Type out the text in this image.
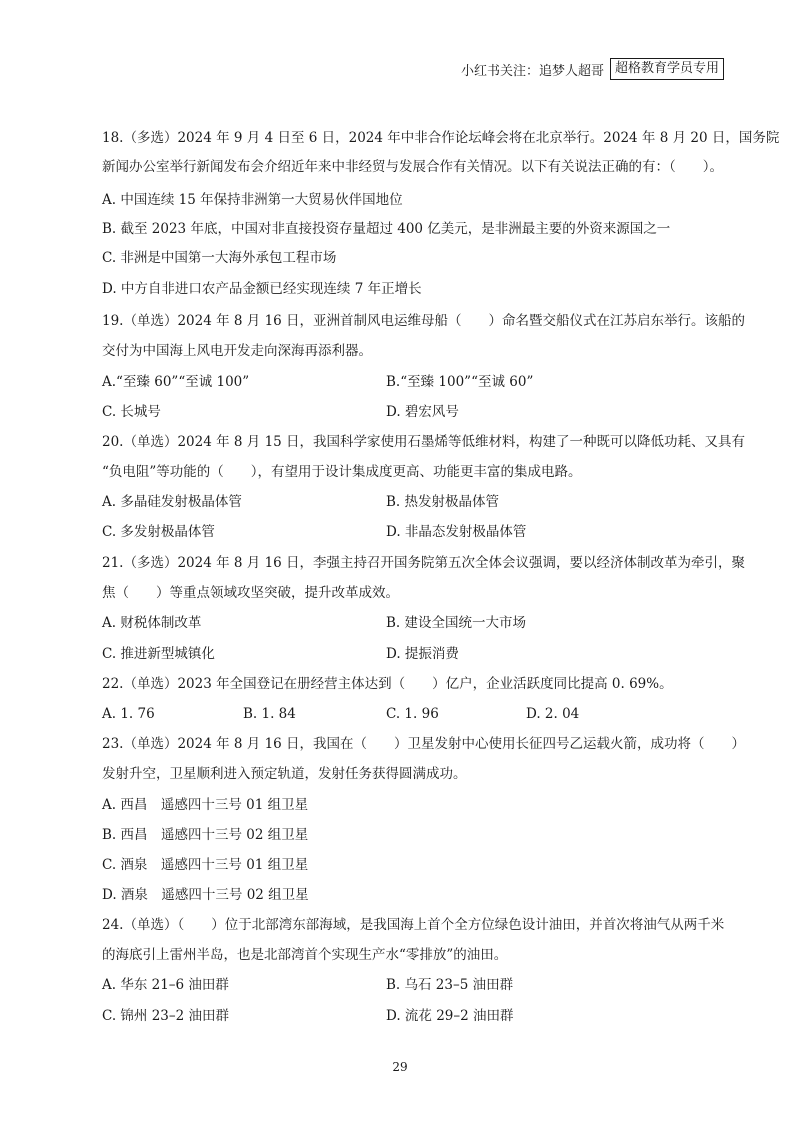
小红书关注：追梦人超哥 超格教育学员专用
18.（多选）2024 年 9 月 4 日至 6 日，2024 年中非合作论坛峰会将在北京举行。2024 年 8 月 20 日，国务院
新闻办公室举行新闻发布会介绍近年来中非经贸与发展合作有关情况。以下有关说法正确的有：（　　）。
A. 中国连续 15 年保持非洲第一大贸易伙伴国地位
B. 截至 2023 年底，中国对非直接投资存量超过 400 亿美元，是非洲最主要的外资来源国之一
C. 非洲是中国第一大海外承包工程市场
D. 中方自非进口农产品金额已经实现连续 7 年正增长
19.（单选）2024 年 8 月 16 日，亚洲首制风电运维母船（　　）命名暨交船仪式在江苏启东举行。该船的
交付为中国海上风电开发走向深海再添利器。
A.“至臻 60”“至诚 100”	B.“至臻 100”“至诚 60”
C. 长城号	D. 碧宏风号
20.（单选）2024 年 8 月 15 日，我国科学家使用石墨烯等低维材料，构建了一种既可以降低功耗、又具有
“负电阻”等功能的（　　），有望用于设计集成度更高、功能更丰富的集成电路。
A. 多晶硅发射极晶体管	B. 热发射极晶体管
C. 多发射极晶体管	D. 非晶态发射极晶体管
21.（多选）2024 年 8 月 16 日，李强主持召开国务院第五次全体会议强调，要以经济体制改革为牵引，聚
焦（　　）等重点领域攻坚突破，提升改革成效。
A. 财税体制改革	B. 建设全国统一大市场
C. 推进新型城镇化	D. 提振消费
22.（单选）2023 年全国登记在册经营主体达到（　　）亿户，企业活跃度同比提高 0. 69%。
A. 1. 76	B. 1. 84	C. 1. 96	D. 2. 04
23.（单选）2024 年 8 月 16 日，我国在（　　）卫星发射中心使用长征四号乙运载火箭，成功将（　　）
发射升空，卫星顺利进入预定轨道，发射任务获得圆满成功。
A. 西昌　遥感四十三号 01 组卫星
B. 西昌　遥感四十三号 02 组卫星
C. 酒泉　遥感四十三号 01 组卫星
D. 酒泉　遥感四十三号 02 组卫星
24.（单选）（　　）位于北部湾东部海域，是我国海上首个全方位绿色设计油田，并首次将油气从两千米
的海底引上雷州半岛，也是北部湾首个实现生产水“零排放”的油田。
A. 华东 21–6 油田群	B. 乌石 23–5 油田群
C. 锦州 23–2 油田群	D. 流花 29–2 油田群
29
